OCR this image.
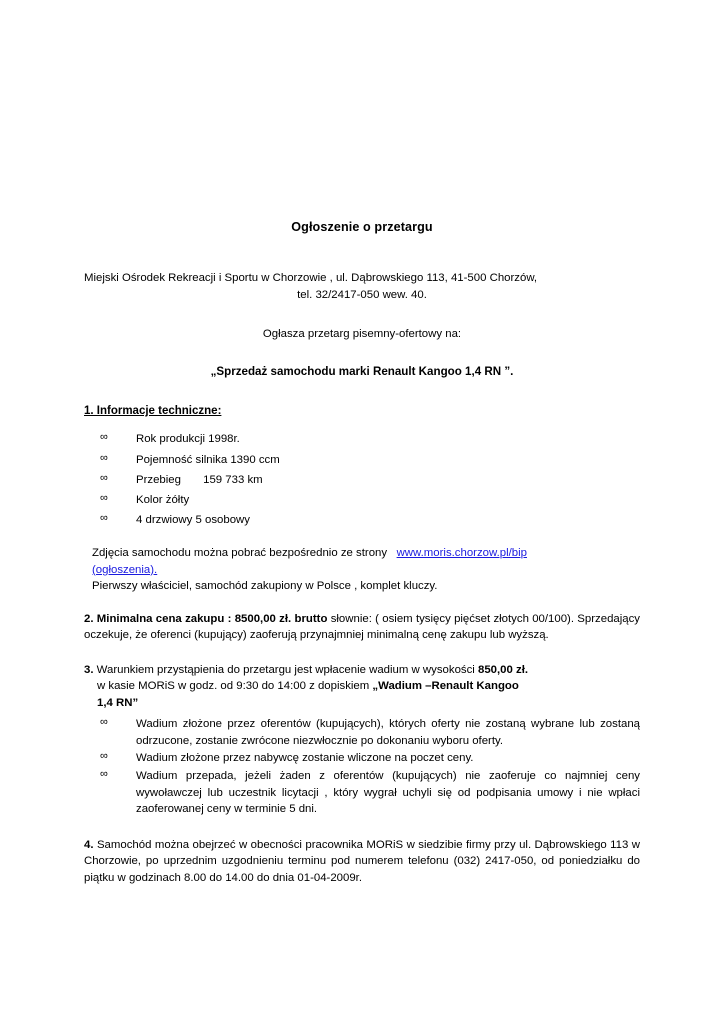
Ogłoszenie o przetargu
Miejski Ośrodek Rekreacji i Sportu w Chorzowie , ul. Dąbrowskiego 113, 41-500 Chorzów,
tel. 32/2417-050 wew. 40.
Ogłasza przetarg pisemny-ofertowy na:
„Sprzedaż samochodu marki Renault Kangoo 1,4 RN ”.
1. Informacje techniczne:
∞ Rok produkcji 1998r.
∞ Pojemność silnika 1390 ccm
∞ Przebieg       159 733 km
∞ Kolor żółty
∞ 4 drzwiowy 5 osobowy
Zdjęcia samochodu można pobrać bezpośrednio ze strony www.moris.chorzow.pl/bip
(ogłoszenia).
Pierwszy właściciel, samochód zakupiony w Polsce , komplet kluczy.
2. Minimalna cena zakupu : 8500,00 zł. brutto słownie: ( osiem tysięcy pięćset złotych 00/100). Sprzedający oczekuje, że oferenci (kupujący) zaoferują przynajmniej minimalną cenę zakupu lub wyższą.
3. Warunkiem przystąpienia do przetargu jest wpłacenie wadium w wysokości 850,00 zł.
w kasie MORiS w godz. od 9:30 do 14:00 z dopiskiem „Wadium –Renault Kangoo
1,4 RN”
∞ Wadium złożone przez oferentów (kupujących), których oferty nie zostaną wybrane lub zostaną odrzucone, zostanie zwrócone niezwłocznie po dokonaniu wyboru oferty.
∞ Wadium złożone przez nabywcę zostanie wliczone na poczet ceny.
∞ Wadium przepada, jeżeli żaden z oferentów (kupujących) nie zaoferuje co najmniej ceny wywoławczej lub uczestnik licytacji , który wygrał uchyli się od podpisania umowy i nie wpłaci zaoferowanej ceny w terminie 5 dni.
4. Samochód można obejrzeć w obecności pracownika MORiS w siedzibie firmy przy ul. Dąbrowskiego 113 w Chorzowie, po uprzednim uzgodnieniu terminu pod numerem telefonu (032) 2417-050, od poniedziałku do piątku w godzinach 8.00 do 14.00 do dnia 01-04-2009r.
